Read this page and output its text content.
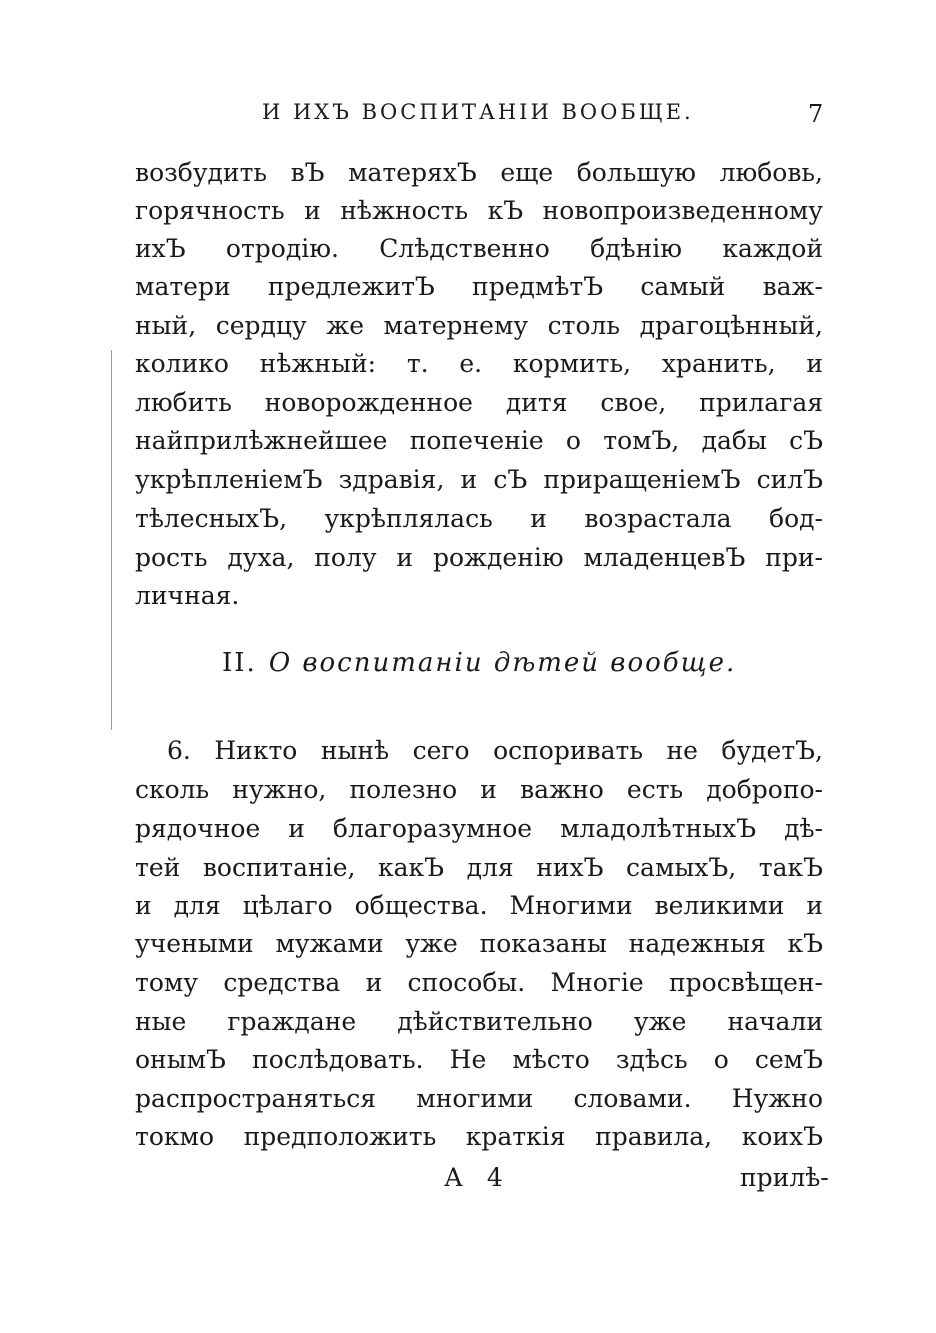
И ИХЪ ВОСПИТАНІИ ВООБЩЕ.	7
возбудить вЪ матеряхЪ еще большую любовь,
горячность и нѣжность кЪ новопроизведенному
ихЪ отродію. Слѣдственно бдѣнію каждой
матери предлежитЪ предмѣтЪ самый важ-
ный, сердцу же матернему столь драгоцѣнный,
колико нѣжный: т. е. кормить, хранить, и
любить новорожденное дитя свое, прилагая
найприлѣжнейшее попеченіе о томЪ, дабы сЪ
укрѣпленіемЪ здравія, и сЪ приращеніемЪ силЪ
тѣлесныхЪ, укрѣплялась и возрастала бод-
рость духа, полу и рожденію младенцевЪ при-
личная.
II. О воспитаніи дѣтей вообще.
6. Никто нынѣ сего оспоривать не будетЪ,
сколь нужно, полезно и важно есть добропо-
рядочное и благоразумное младолѣтныхЪ дѣ-
тей воспитаніе, какЪ для нихЪ самыхЪ, такЪ
и для цѣлаго общества. Многими великими и
учеными мужами уже показаны надежныя кЪ
тому средства и способы. Многіе просвѣщен-
ные граждане дѣйствительно уже начали
онымЪ послѣдовать. Не мѣсто здѣсь о семЪ
распространяться многими словами. Нужно
токмо предположить краткія правила, коихЪ
А 4	прилѣ-
